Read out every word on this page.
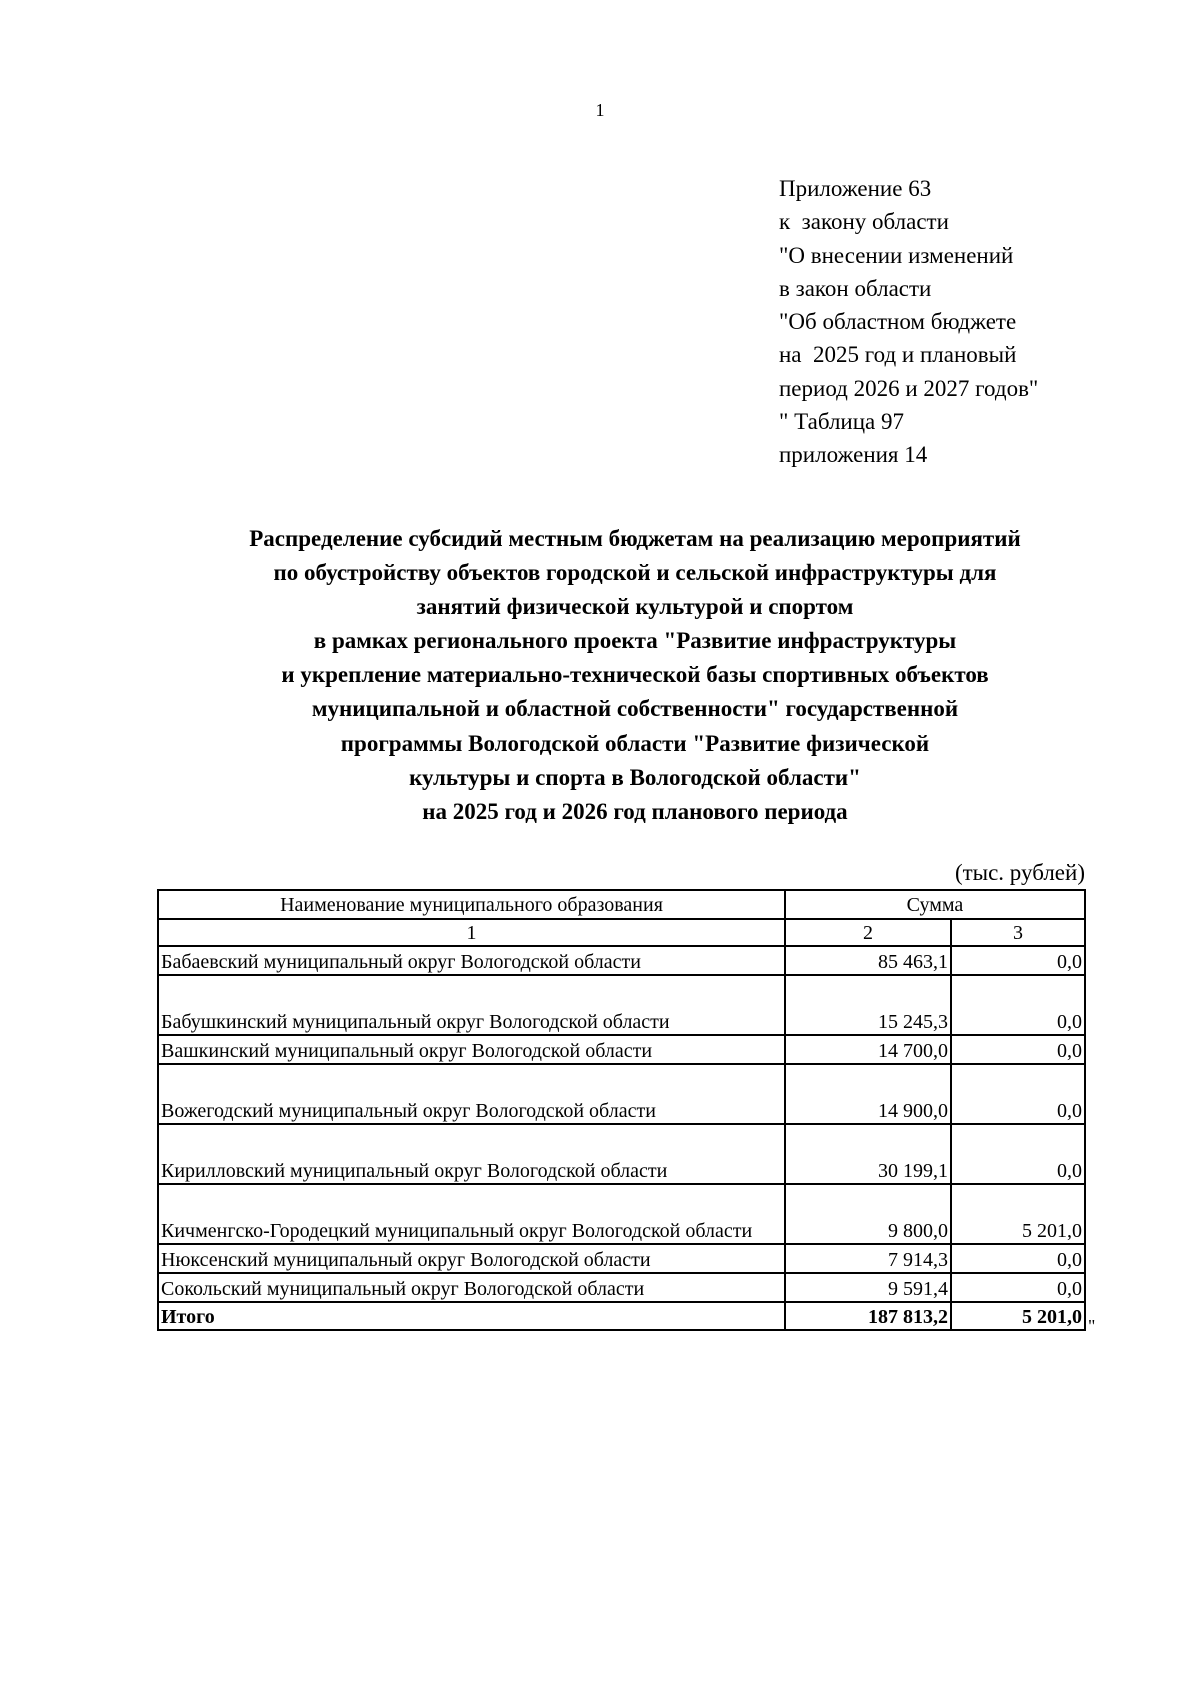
1
Приложение 63
к  закону области
"О внесении изменений
в закон области
"Об областном бюджете
на  2025 год и плановый
период 2026 и 2027 годов"
" Таблица 97
приложения 14
Распределение субсидий местным бюджетам на реализацию мероприятий
по обустройству объектов городской и сельской инфраструктуры для
занятий физической культурой и спортом
в рамках регионального проекта "Развитие инфраструктуры
и укрепление материально-технической базы спортивных объектов
муниципальной и областной собственности" государственной
программы Вологодской области "Развитие физической
культуры и спорта в Вологодской области"
на 2025 год и 2026 год планового периода
(тыс. рублей)
Наименование муниципального образования	Сумма	
1	2	3
Бабаевский муниципальный округ Вологодской области	85 463,1	0,0
Бабушкинский муниципальный округ Вологодской области	15 245,3	0,0
Вашкинский муниципальный округ Вологодской области	14 700,0	0,0
Вожегодский муниципальный округ Вологодской области	14 900,0	0,0
Кирилловский муниципальный округ Вологодской области	30 199,1	0,0
Кичменгско-Городецкий муниципальный округ Вологодской области	9 800,0	5 201,0
Нюксенский муниципальный округ Вологодской области	7 914,3	0,0
Сокольский муниципальный округ Вологодской области	9 591,4	0,0
Итого	187 813,2	5 201,0 "
